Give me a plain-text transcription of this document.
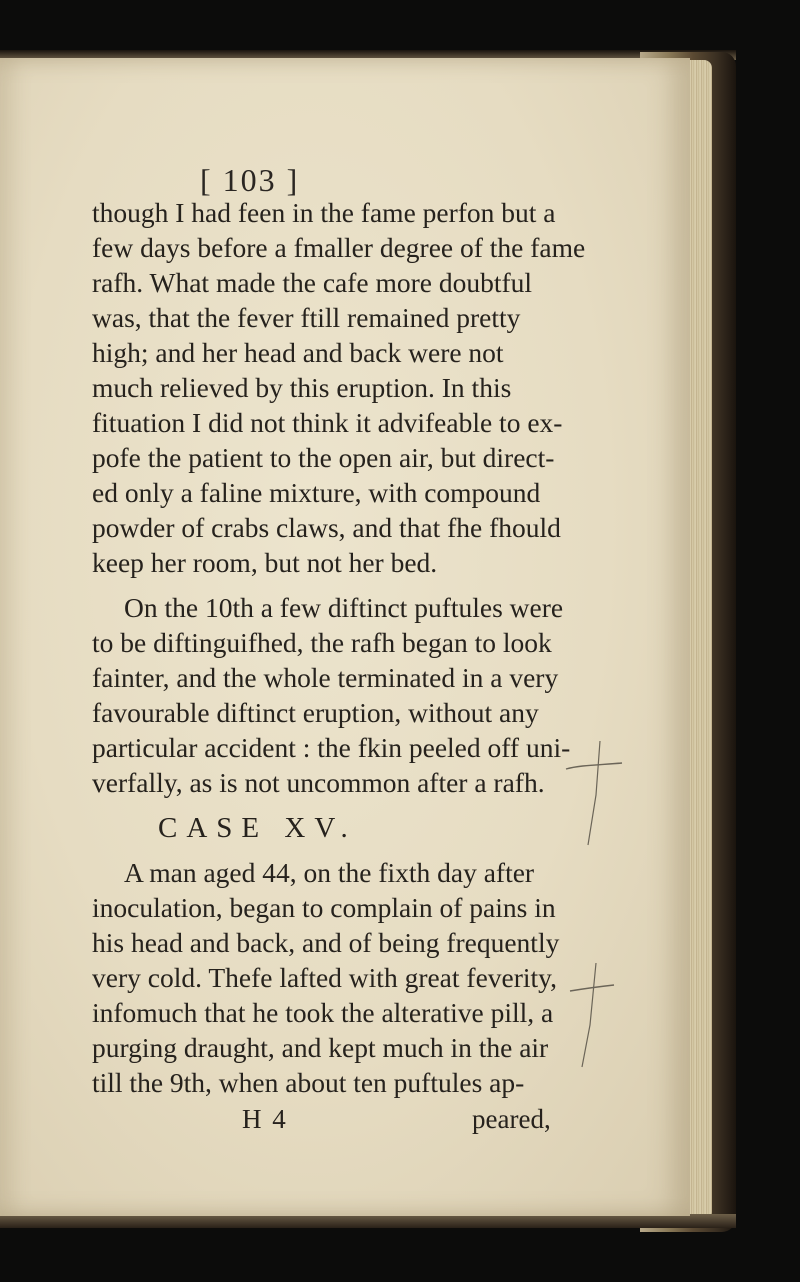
[ 103 ]
though I had feen in the fame perfon but a
few days before a fmaller degree of the fame
rafh. What made the cafe more doubtful
was, that the fever ftill remained pretty
high; and her head and back were not
much relieved by this eruption. In this
fituation I did not think it advifeable to ex-
pofe the patient to the open air, but direct-
ed only a faline mixture, with compound
powder of crabs claws, and that fhe fhould
keep her room, but not her bed.
On the 10th a few diftinct puftules were
to be diftinguifhed, the rafh began to look
fainter, and the whole terminated in a very
favourable diftinct eruption, without any
particular accident : the fkin peeled off uni-
verfally, as is not uncommon after a rafh.
CASE XV.
A man aged 44, on the fixth day after
inoculation, began to complain of pains in
his head and back, and of being frequently
very cold. Thefe lafted with great feverity,
infomuch that he took the alterative pill, a
purging draught, and kept much in the air
till the 9th, when about ten puftules ap-
H 4	peared,
